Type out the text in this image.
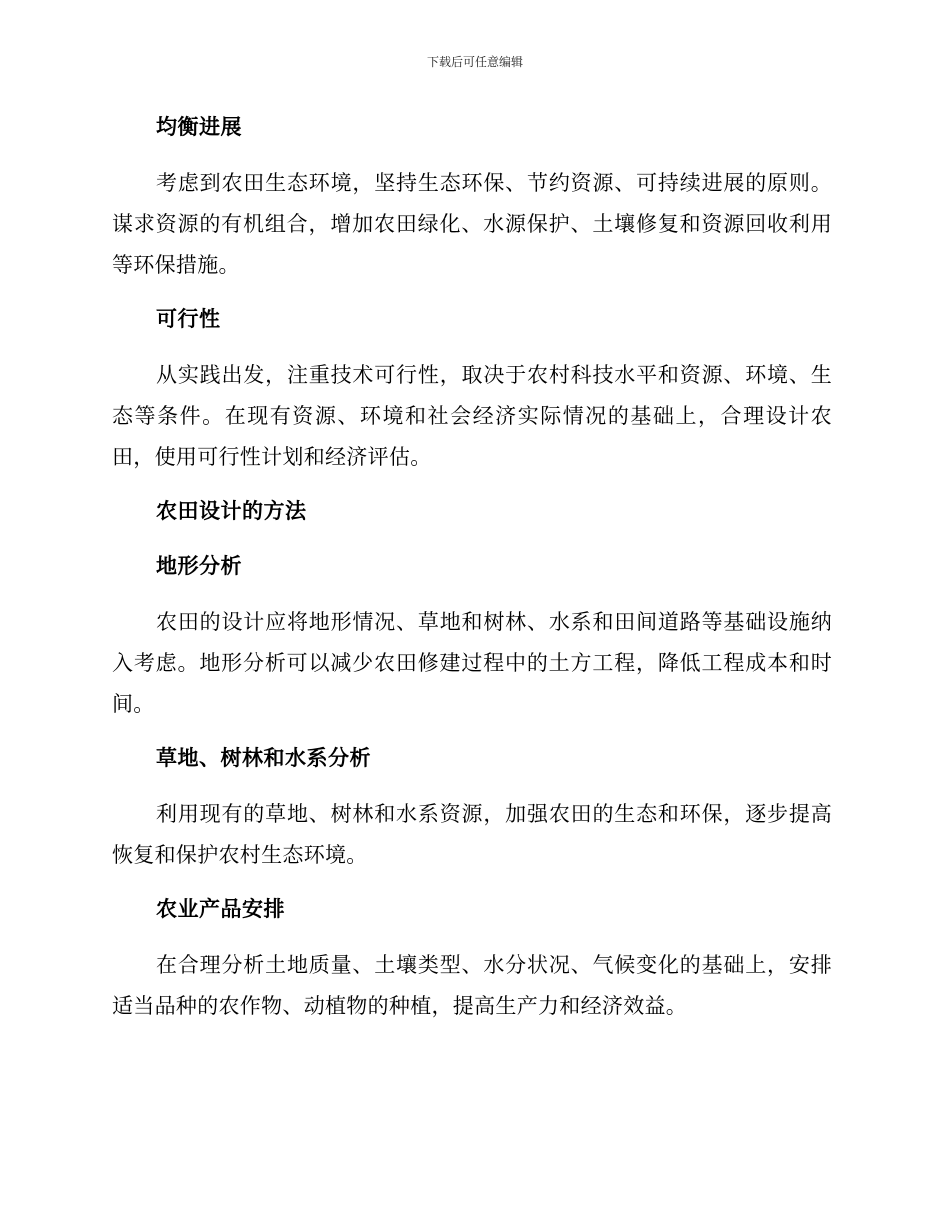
下载后可任意编辑
均衡进展

考虑到农田生态环境，坚持生态环保、节约资源、可持续进展的原则。谋求资源的有机组合，增加农田绿化、水源保护、土壤修复和资源回收利用等环保措施。

可行性

从实践出发，注重技术可行性，取决于农村科技水平和资源、环境、生态等条件。在现有资源、环境和社会经济实际情况的基础上，合理设计农田，使用可行性计划和经济评估。

农田设计的方法
地形分析

农田的设计应将地形情况、草地和树林、水系和田间道路等基础设施纳入考虑。地形分析可以减少农田修建过程中的土方工程，降低工程成本和时间。

草地、树林和水系分析

利用现有的草地、树林和水系资源，加强农田的生态和环保，逐步提高恢复和保护农村生态环境。

农业产品安排

在合理分析土地质量、土壤类型、水分状况、气候变化的基础上，安排适当品种的农作物、动植物的种植，提高生产力和经济效益。
